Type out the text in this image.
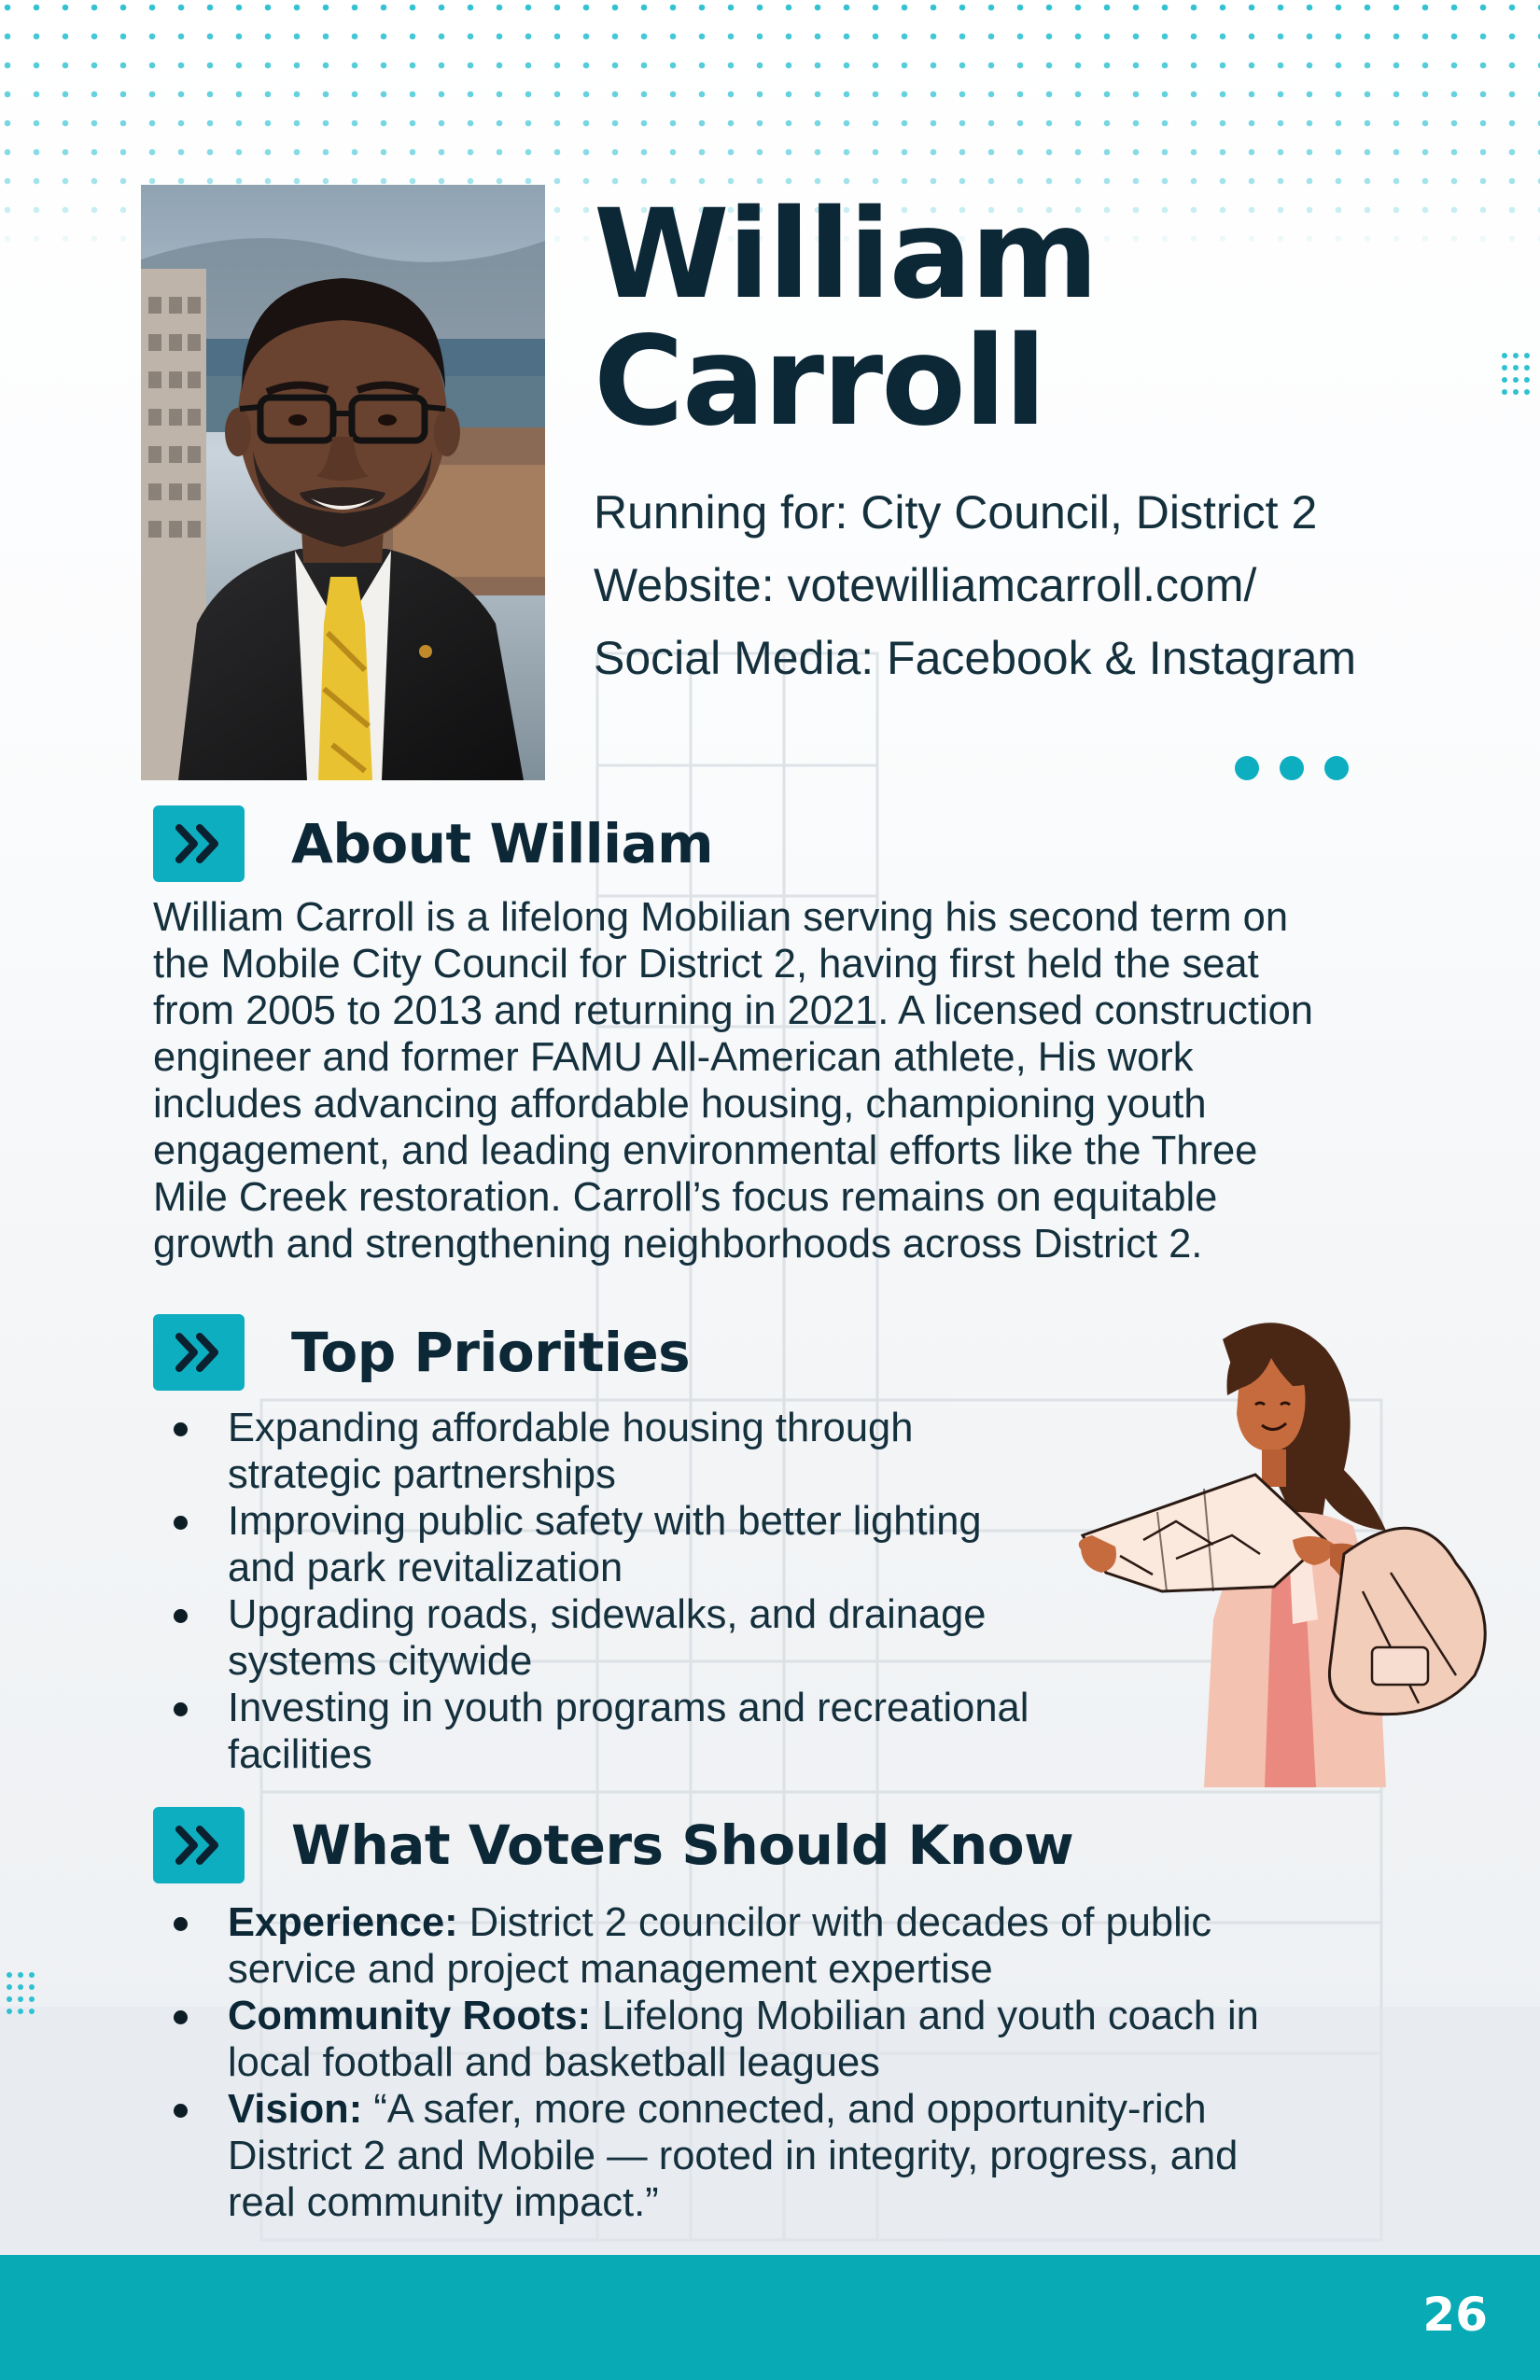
William
Carroll
Running for: City Council, District 2
Website: votewilliamcarroll.com/
Social Media: Facebook & Instagram
About William

William Carroll is a lifelong Mobilian serving his second term on
the Mobile City Council for District 2, having first held the seat
from 2005 to 2013 and returning in 2021. A licensed construction
engineer and former FAMU All-American athlete, His work
includes advancing affordable housing, championing youth
engagement, and leading environmental efforts like the Three
Mile Creek restoration. Carroll’s focus remains on equitable
growth and strengthening neighborhoods across District 2.

Top Priorities
Expanding affordable housing through
strategic partnerships
Improving public safety with better lighting
and park revitalization
Upgrading roads, sidewalks, and drainage
systems citywide
Investing in youth programs and recreational
facilities
What Voters Should Know
Experience: District 2 councilor with decades of public
service and project management expertise
Community Roots: Lifelong Mobilian and youth coach in
local football and basketball leagues
Vision: “A safer, more connected, and opportunity-rich
District 2 and Mobile — rooted in integrity, progress, and
real community impact.”
26
